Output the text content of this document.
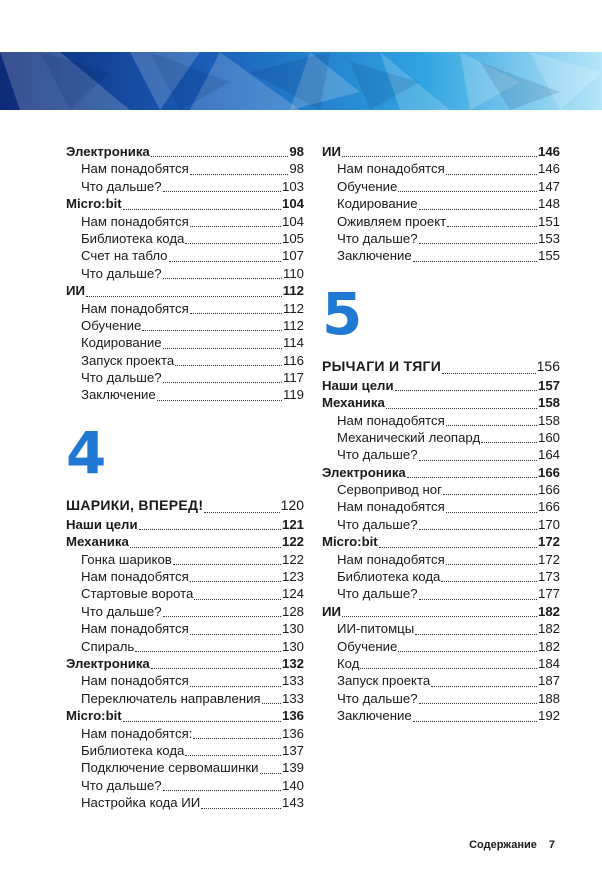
Электроника	98
Нам понадобятся	98
Что дальше?	103
Micro:bit	104
Нам понадобятся	104
Библиотека кода	105
Счет на табло	107
Что дальше?	110
ИИ	112
Нам понадобятся	112
Обучение	112
Кодирование	114
Запуск проекта	116
Что дальше?	117
Заключение	119
4
ШАРИКИ, ВПЕРЕД!	120
Наши цели	121
Механика	122
Гонка шариков	122
Нам понадобятся	123
Стартовые ворота	124
Что дальше?	128
Нам понадобятся	130
Спираль	130
Электроника	132
Нам понадобятся	133
Переключатель направления 133
Micro:bit	136
Нам понадобятся:	136
Библиотека кода	137
Подключение сервомашинки 139
Что дальше?	140
Настройка кода ИИ	143
ИИ	146
Нам понадобятся	146
Обучение	147
Кодирование	148
Оживляем проект	151
Что дальше?	153
Заключение	155
5
РЫЧАГИ И ТЯГИ	156
Наши цели	157
Механика	158
Нам понадобятся	158
Механический леопард	160
Что дальше?	164
Электроника	166
Сервопривод ног	166
Нам понадобятся	166
Что дальше?	170
Micro:bit	172
Нам понадобятся	172
Библиотека кода	173
Что дальше?	177
ИИ	182
ИИ-питомцы	182
Обучение	182
Код	184
Запуск проекта	187
Что дальше?	188
Заключение	192
Содержание 7
